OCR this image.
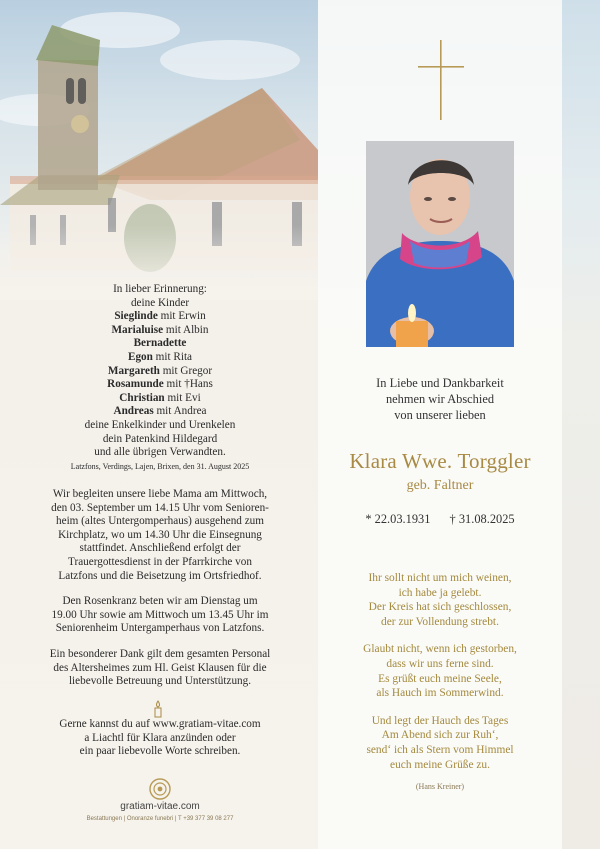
In lieber Erinnerung:
deine Kinder
Sieglinde mit Erwin
Marialuise mit Albin
Bernadette
Egon mit Rita
Margareth mit Gregor
Rosamunde mit †Hans
Christian mit Evi
Andreas mit Andrea
deine Enkelkinder und Urenkelen
dein Patenkind Hildegard
und alle übrigen Verwandten.
Latzfons, Verdings, Lajen, Brixen, den 31. August 2025

Wir begleiten unsere liebe Mama am Mittwoch,
den 03. September um 14.15 Uhr vom Senioren-
heim (altes Untergomperhaus) ausgehend zum
Kirchplatz, wo um 14.30 Uhr die Einsegnung
stattfindet. Anschließend erfolgt der
Trauergottesdienst in der Pfarrkirche von
Latzfons und die Beisetzung im Ortsfriedhof.

Den Rosenkranz beten wir am Dienstag um
19.00 Uhr sowie am Mittwoch um 13.45 Uhr im
Seniorenheim Untergamperhaus von Latzfons.

Ein besonderer Dank gilt dem gesamten Personal
des Altersheimes zum Hl. Geist Klausen für die
liebevolle Betreuung und Unterstützung.

Gerne kannst du auf www.gratiam-vitae.com
a Liachtl für Klara anzünden oder
ein paar liebevolle Worte schreiben.
gratiam-vitae.com
Bestattungen | Onoranze funebri | T +39 377 39 08 277
In Liebe und Dankbarkeit
nehmen wir Abschied
von unserer lieben
Klara Wwe. Torggler
geb. Faltner
* 22.03.1931 † 31.08.2025

Ihr sollt nicht um mich weinen,
ich habe ja gelebt.
Der Kreis hat sich geschlossen,
der zur Vollendung strebt.

Glaubt nicht, wenn ich gestorben,
dass wir uns ferne sind.
Es grüßt euch meine Seele,
als Hauch im Sommerwind.

Und legt der Hauch des Tages
Am Abend sich zur Ruh‘,
send‘ ich als Stern vom Himmel
euch meine Grüße zu.

(Hans Kreiner)
